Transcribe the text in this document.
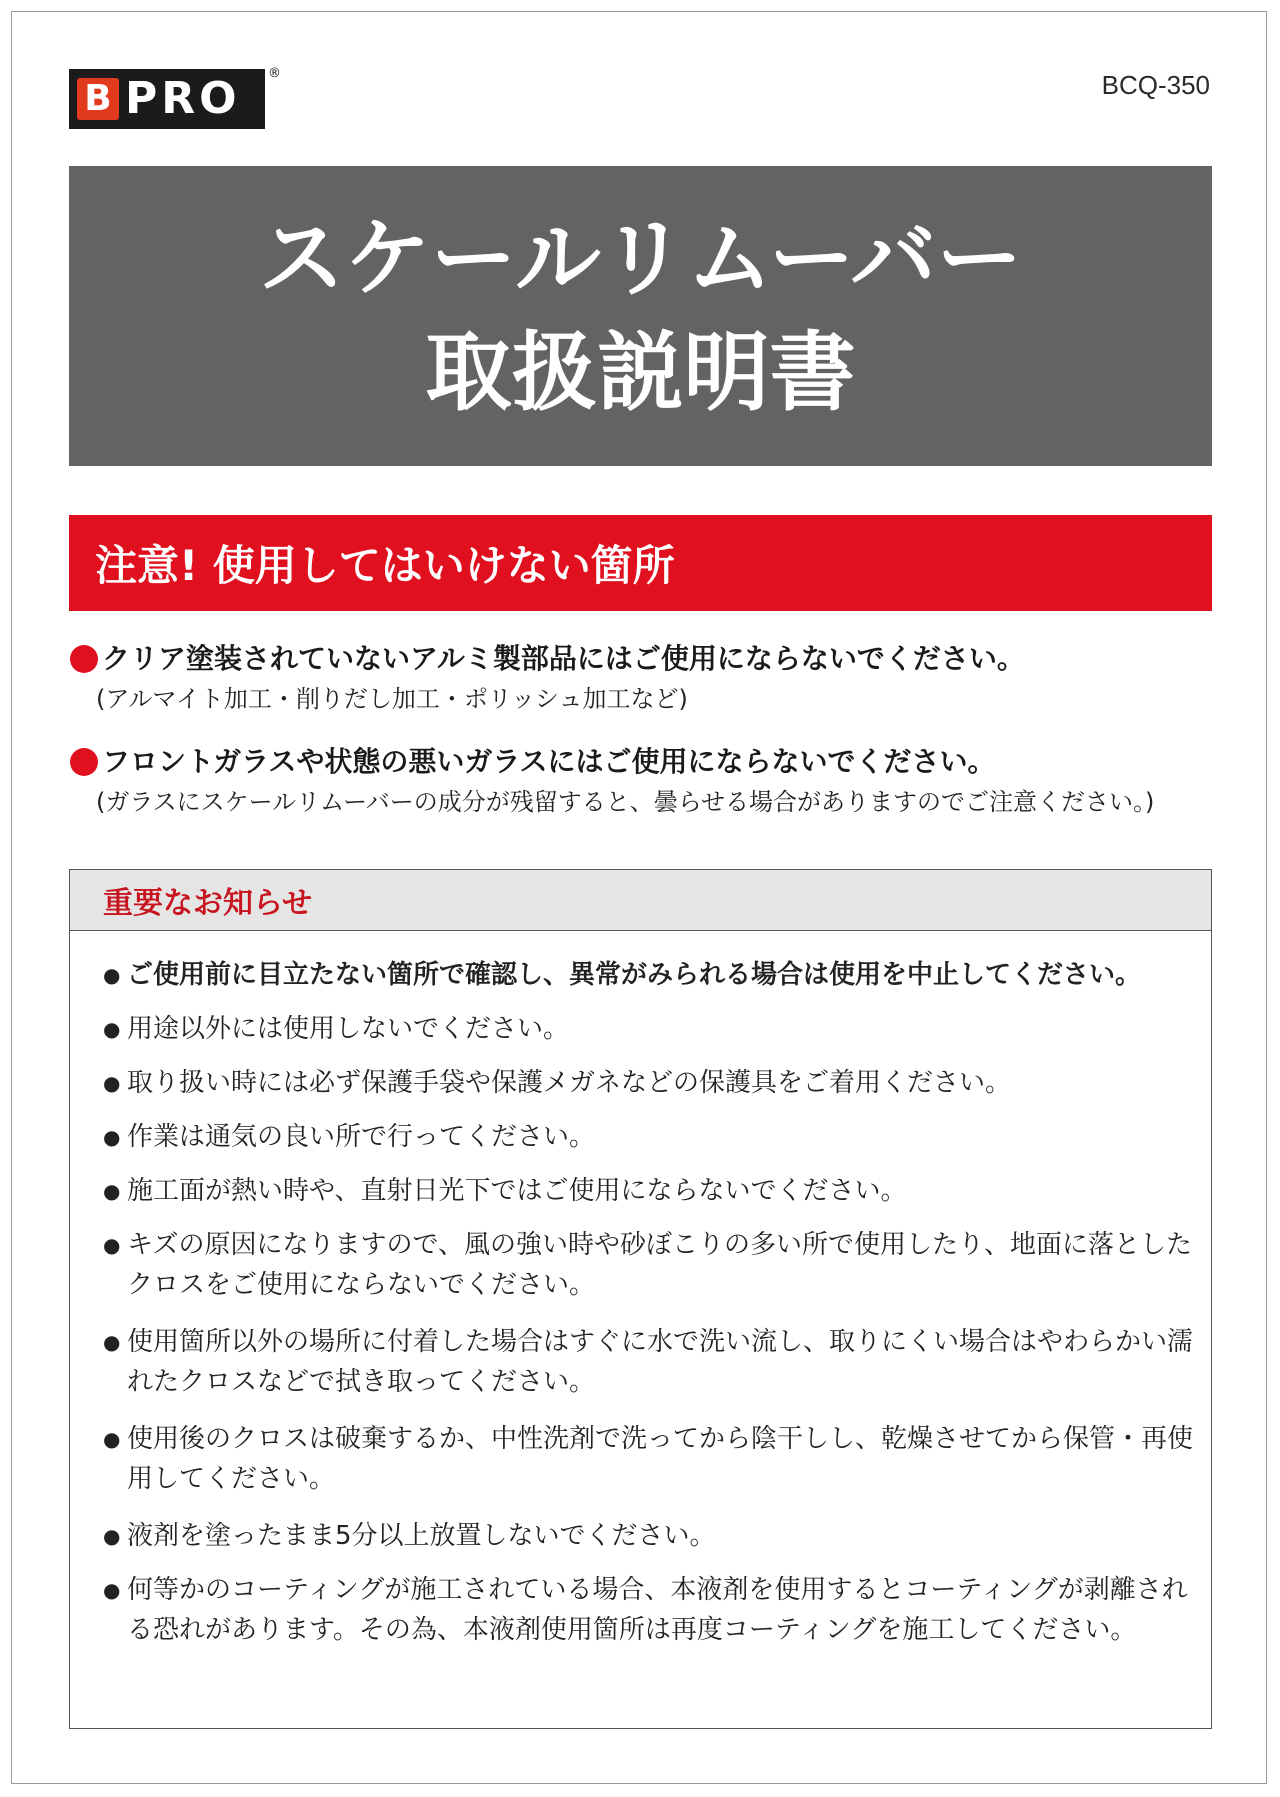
B PRO ®	BCQ-350
スケールリムーバー
取扱説明書
注意! 使用してはいけない箇所
クリア塗装されていないアルミ製部品にはご使用にならないでください。
(アルマイト加工・削りだし加工・ポリッシュ加工など)
フロントガラスや状態の悪いガラスにはご使用にならないでください。
(ガラスにスケールリムーバーの成分が残留すると、曇らせる場合がありますのでご注意ください。)
重要なお知らせ
● ご使用前に目立たない箇所で確認し、異常がみられる場合は使用を中止してください。
● 用途以外には使用しないでください。
● 取り扱い時には必ず保護手袋や保護メガネなどの保護具をご着用ください。
● 作業は通気の良い所で行ってください。
● 施工面が熱い時や、直射日光下ではご使用にならないでください。
● キズの原因になりますので、風の強い時や砂ぼこりの多い所で使用したり、地面に落としたクロスをご使用にならないでください。
● 使用箇所以外の場所に付着した場合はすぐに水で洗い流し、取りにくい場合はやわらかい濡れたクロスなどで拭き取ってください。
● 使用後のクロスは破棄するか、中性洗剤で洗ってから陰干しし、乾燥させてから保管・再使用してください。
● 液剤を塗ったまま5分以上放置しないでください。
● 何等かのコーティングが施工されている場合、本液剤を使用するとコーティングが剥離される恐れがあります。その為、本液剤使用箇所は再度コーティングを施工してください。
